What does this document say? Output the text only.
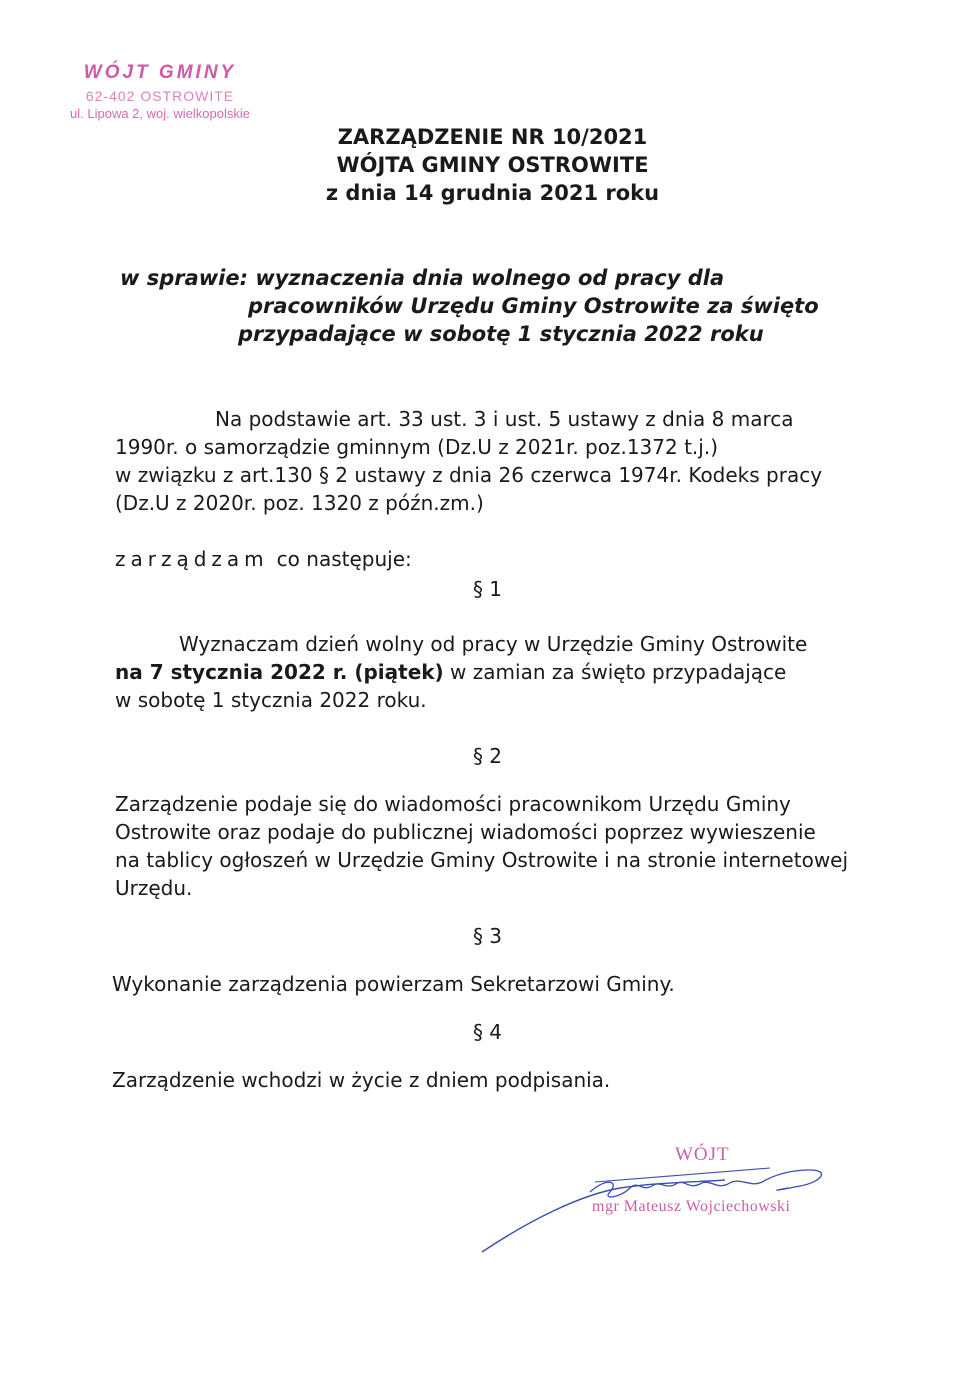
WÓJT GMINY
62-402 OSTROWITE
ul. Lipowa 2, woj. wielkopolskie
ZARZĄDZENIE NR 10/2021
WÓJTA GMINY OSTROWITE
z dnia 14 grudnia 2021 roku
w sprawie: wyznaczenia dnia wolnego od pracy dla
pracowników Urzędu Gminy Ostrowite za święto
przypadające w sobotę 1 stycznia 2022 roku
Na podstawie art. 33 ust. 3 i ust. 5 ustawy z dnia 8 marca
1990r. o samorządzie gminnym (Dz.U z 2021r. poz.1372 t.j.)
w związku z art.130 § 2 ustawy z dnia 26 czerwca 1974r. Kodeks pracy
(Dz.U z 2020r. poz. 1320 z późn.zm.)
zarządzam co następuje:
§ 1
Wyznaczam dzień wolny od pracy w Urzędzie Gminy Ostrowite
na 7 stycznia 2022 r. (piątek) w zamian za święto przypadające
w sobotę 1 stycznia 2022 roku.
§ 2
Zarządzenie podaje się do wiadomości pracownikom Urzędu Gminy
Ostrowite oraz podaje do publicznej wiadomości poprzez wywieszenie
na tablicy ogłoszeń w Urzędzie Gminy Ostrowite i na stronie internetowej
Urzędu.
§ 3
Wykonanie zarządzenia powierzam Sekretarzowi Gminy.
§ 4
Zarządzenie wchodzi w życie z dniem podpisania.
WÓJT
mgr Mateusz Wojciechowski
